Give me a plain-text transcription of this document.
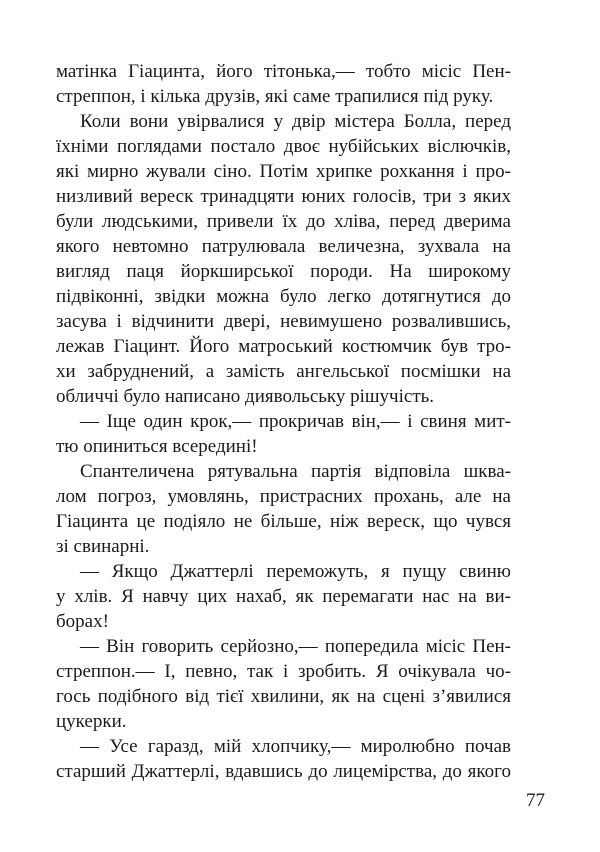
матінка Гіацинта, його тітонька,— тобто місіс Пен-
стреппон, і кілька друзів, які саме трапилися під руку.
Коли вони увірвалися у двір містера Болла, перед
їхніми поглядами постало двоє нубійських віслючків,
які мирно жували сіно. Потім хрипке рохкання і про-
низливий вереск тринадцяти юних голосів, три з яких
були людськими, привели їх до хліва, перед дверима
якого невтомно патрулювала величезна, зухвала на
вигляд паця йоркширської породи. На широкому
підвіконні, звідки можна було легко дотягнутися до
засува і відчинити двері, невимушено розвалившись,
лежав Гіацинт. Його матроський костюмчик був тро-
хи забруднений, а замість ангельської посмішки на
обличчі було написано диявольську рішучість.
— Іще один крок,— прокричав він,— і свиня мит-
тю опиниться всередині!
Спантеличена рятувальна партія відповіла шква-
лом погроз, умовлянь, пристрасних прохань, але на
Гіацинта це подіяло не більше, ніж вереск, що чувся
зі свинарні.
— Якщо Джаттерлі переможуть, я пущу свиню
у хлів. Я навчу цих нахаб, як перемагати нас на ви-
борах!
— Він говорить серйозно,— попередила місіс Пен-
стреппон.— І, певно, так і зробить. Я очікувала чо-
гось подібного від тієї хвилини, як на сцені з’явилися
цукерки.
— Усе гаразд, мій хлопчику,— миролюбно почав
старший Джаттерлі, вдавшись до лицемірства, до якого
77
